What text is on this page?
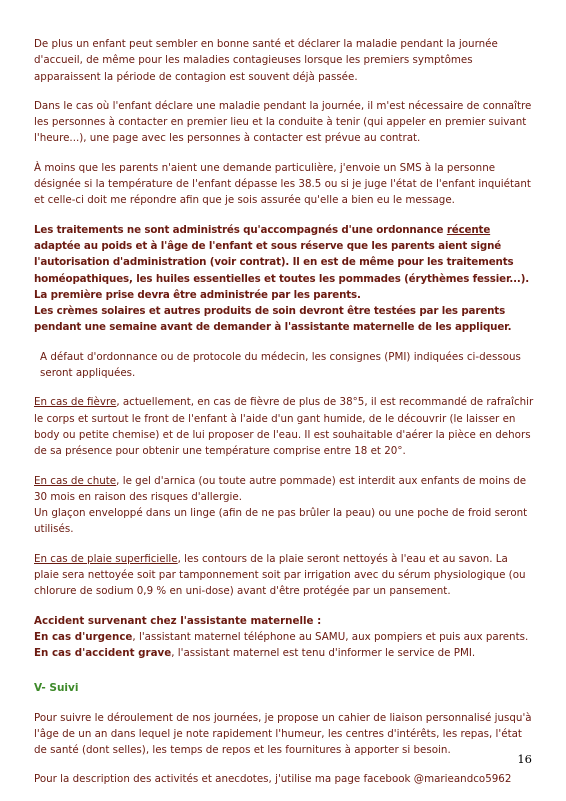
De plus un enfant peut sembler en bonne santé et déclarer la maladie pendant la journée d'accueil, de même pour les maladies contagieuses lorsque les premiers symptômes apparaissent la période de contagion est souvent déjà passée.

Dans le cas où l'enfant déclare une maladie pendant la journée, il m'est nécessaire de connaître les personnes à contacter en premier lieu et la conduite à tenir (qui appeler en premier suivant l'heure...), une page avec les personnes à contacter est prévue au contrat.

À moins que les parents n'aient une demande particulière, j'envoie un SMS à la personne désignée si la température de l'enfant dépasse les 38.5 ou si je juge l'état de l'enfant inquiétant et celle-ci doit me répondre afin que je sois assurée qu'elle a bien eu le message.

Les traitements ne sont administrés qu'accompagnés d'une ordonnance récente adaptée au poids et à l'âge de l'enfant et sous réserve que les parents aient signé l'autorisation d'administration (voir contrat). Il en est de même pour les traitements homéopathiques, les huiles essentielles et toutes les pommades (érythèmes fessier...).
La première prise devra être administrée par les parents.
Les crèmes solaires et autres produits de soin devront être testées par les parents pendant une semaine avant de demander à l'assistante maternelle de les appliquer.

A défaut d'ordonnance ou de protocole du médecin, les consignes (PMI) indiquées ci-dessous seront appliquées.

En cas de fièvre, actuellement, en cas de fièvre de plus de 38°5, il est recommandé de rafraîchir le corps et surtout le front de l'enfant à l'aide d'un gant humide, de le découvrir (le laisser en body ou petite chemise) et de lui proposer de l'eau. Il est souhaitable d'aérer la pièce en dehors de sa présence pour obtenir une température comprise entre 18 et 20°.

En cas de chute, le gel d'arnica (ou toute autre pommade) est interdit aux enfants de moins de 30 mois en raison des risques d'allergie.
Un glaçon enveloppé dans un linge (afin de ne pas brûler la peau) ou une poche de froid seront utilisés.

En cas de plaie superficielle, les contours de la plaie seront nettoyés à l'eau et au savon. La plaie sera nettoyée soit par tamponnement soit par irrigation avec du sérum physiologique (ou chlorure de sodium 0,9 % en uni-dose) avant d'être protégée par un pansement.

Accident survenant chez l'assistante maternelle :
En cas d'urgence, l'assistant maternel téléphone au SAMU, aux pompiers et puis aux parents.
En cas d'accident grave, l'assistant maternel est tenu d'informer le service de PMI.

V- Suivi

Pour suivre le déroulement de nos journées, je propose un cahier de liaison personnalisé jusqu'à l'âge de un an dans lequel je note rapidement l'humeur, les centres d'intérêts, les repas, l'état de santé (dont selles), les temps de repos et les fournitures à apporter si besoin.

Pour la description des activités et anecdotes, j'utilise ma page facebook @marieandco5962

16
